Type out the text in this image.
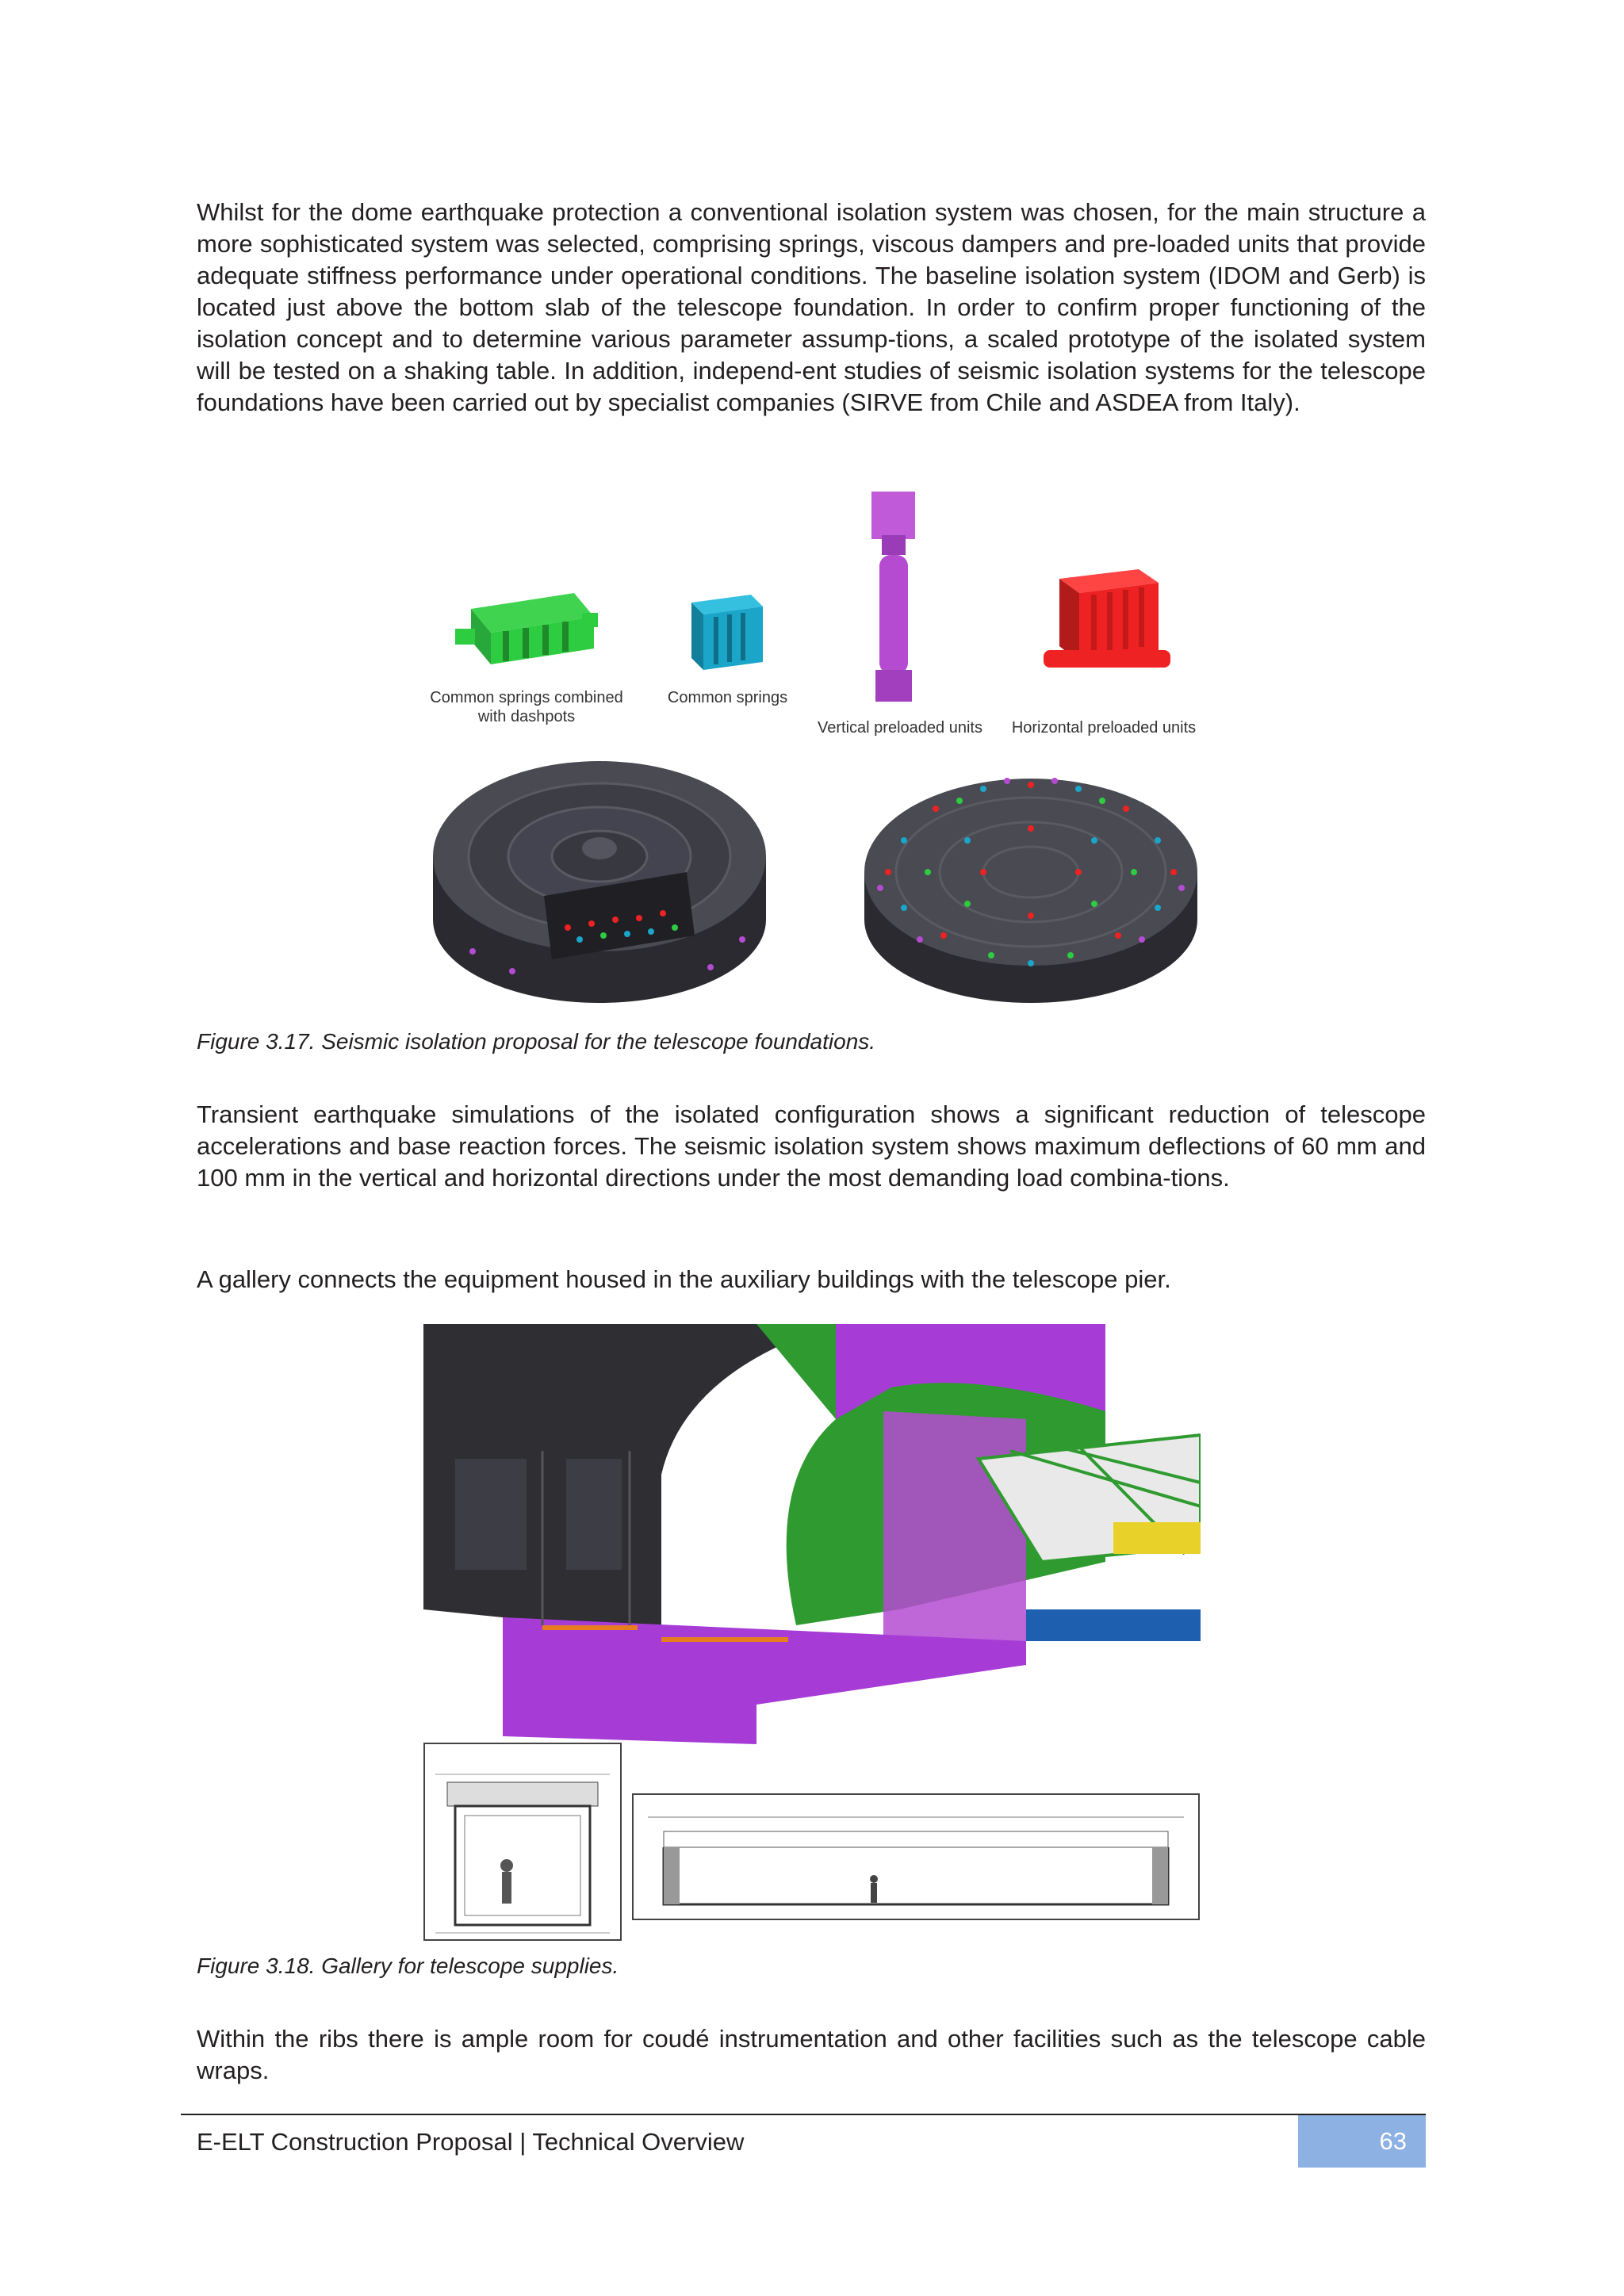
Whilst for the dome earthquake protection a conventional isolation system was chosen, for the main structure a more sophisticated system was selected, comprising springs, viscous dampers and pre-loaded units that provide adequate stiffness performance under operational conditions. The baseline isolation system (IDOM and Gerb) is located just above the bottom slab of the telescope foundation. In order to confirm proper functioning of the isolation concept and to determine various parameter assump-tions, a scaled prototype of the isolated system will be tested on a shaking table. In addition, independ-ent studies of seismic isolation systems for the telescope foundations have been carried out by specialist companies (SIRVE from Chile and ASDEA from Italy).

Common springs combined
with dashpots
Common springs
Vertical preloaded units	Horizontal preloaded units

Figure 3.17. Seismic isolation proposal for the telescope foundations.

Transient earthquake simulations of the isolated configuration shows a significant reduction of telescope accelerations and base reaction forces. The seismic isolation system shows maximum deflections of 60 mm and 100 mm in the vertical and horizontal directions under the most demanding load combina-tions.

A gallery connects the equipment housed in the auxiliary buildings with the telescope pier.

Figure 3.18. Gallery for telescope supplies.

Within the ribs there is ample room for coudé instrumentation and other facilities such as the telescope cable wraps.

E-ELT Construction Proposal | Technical Overview	63
